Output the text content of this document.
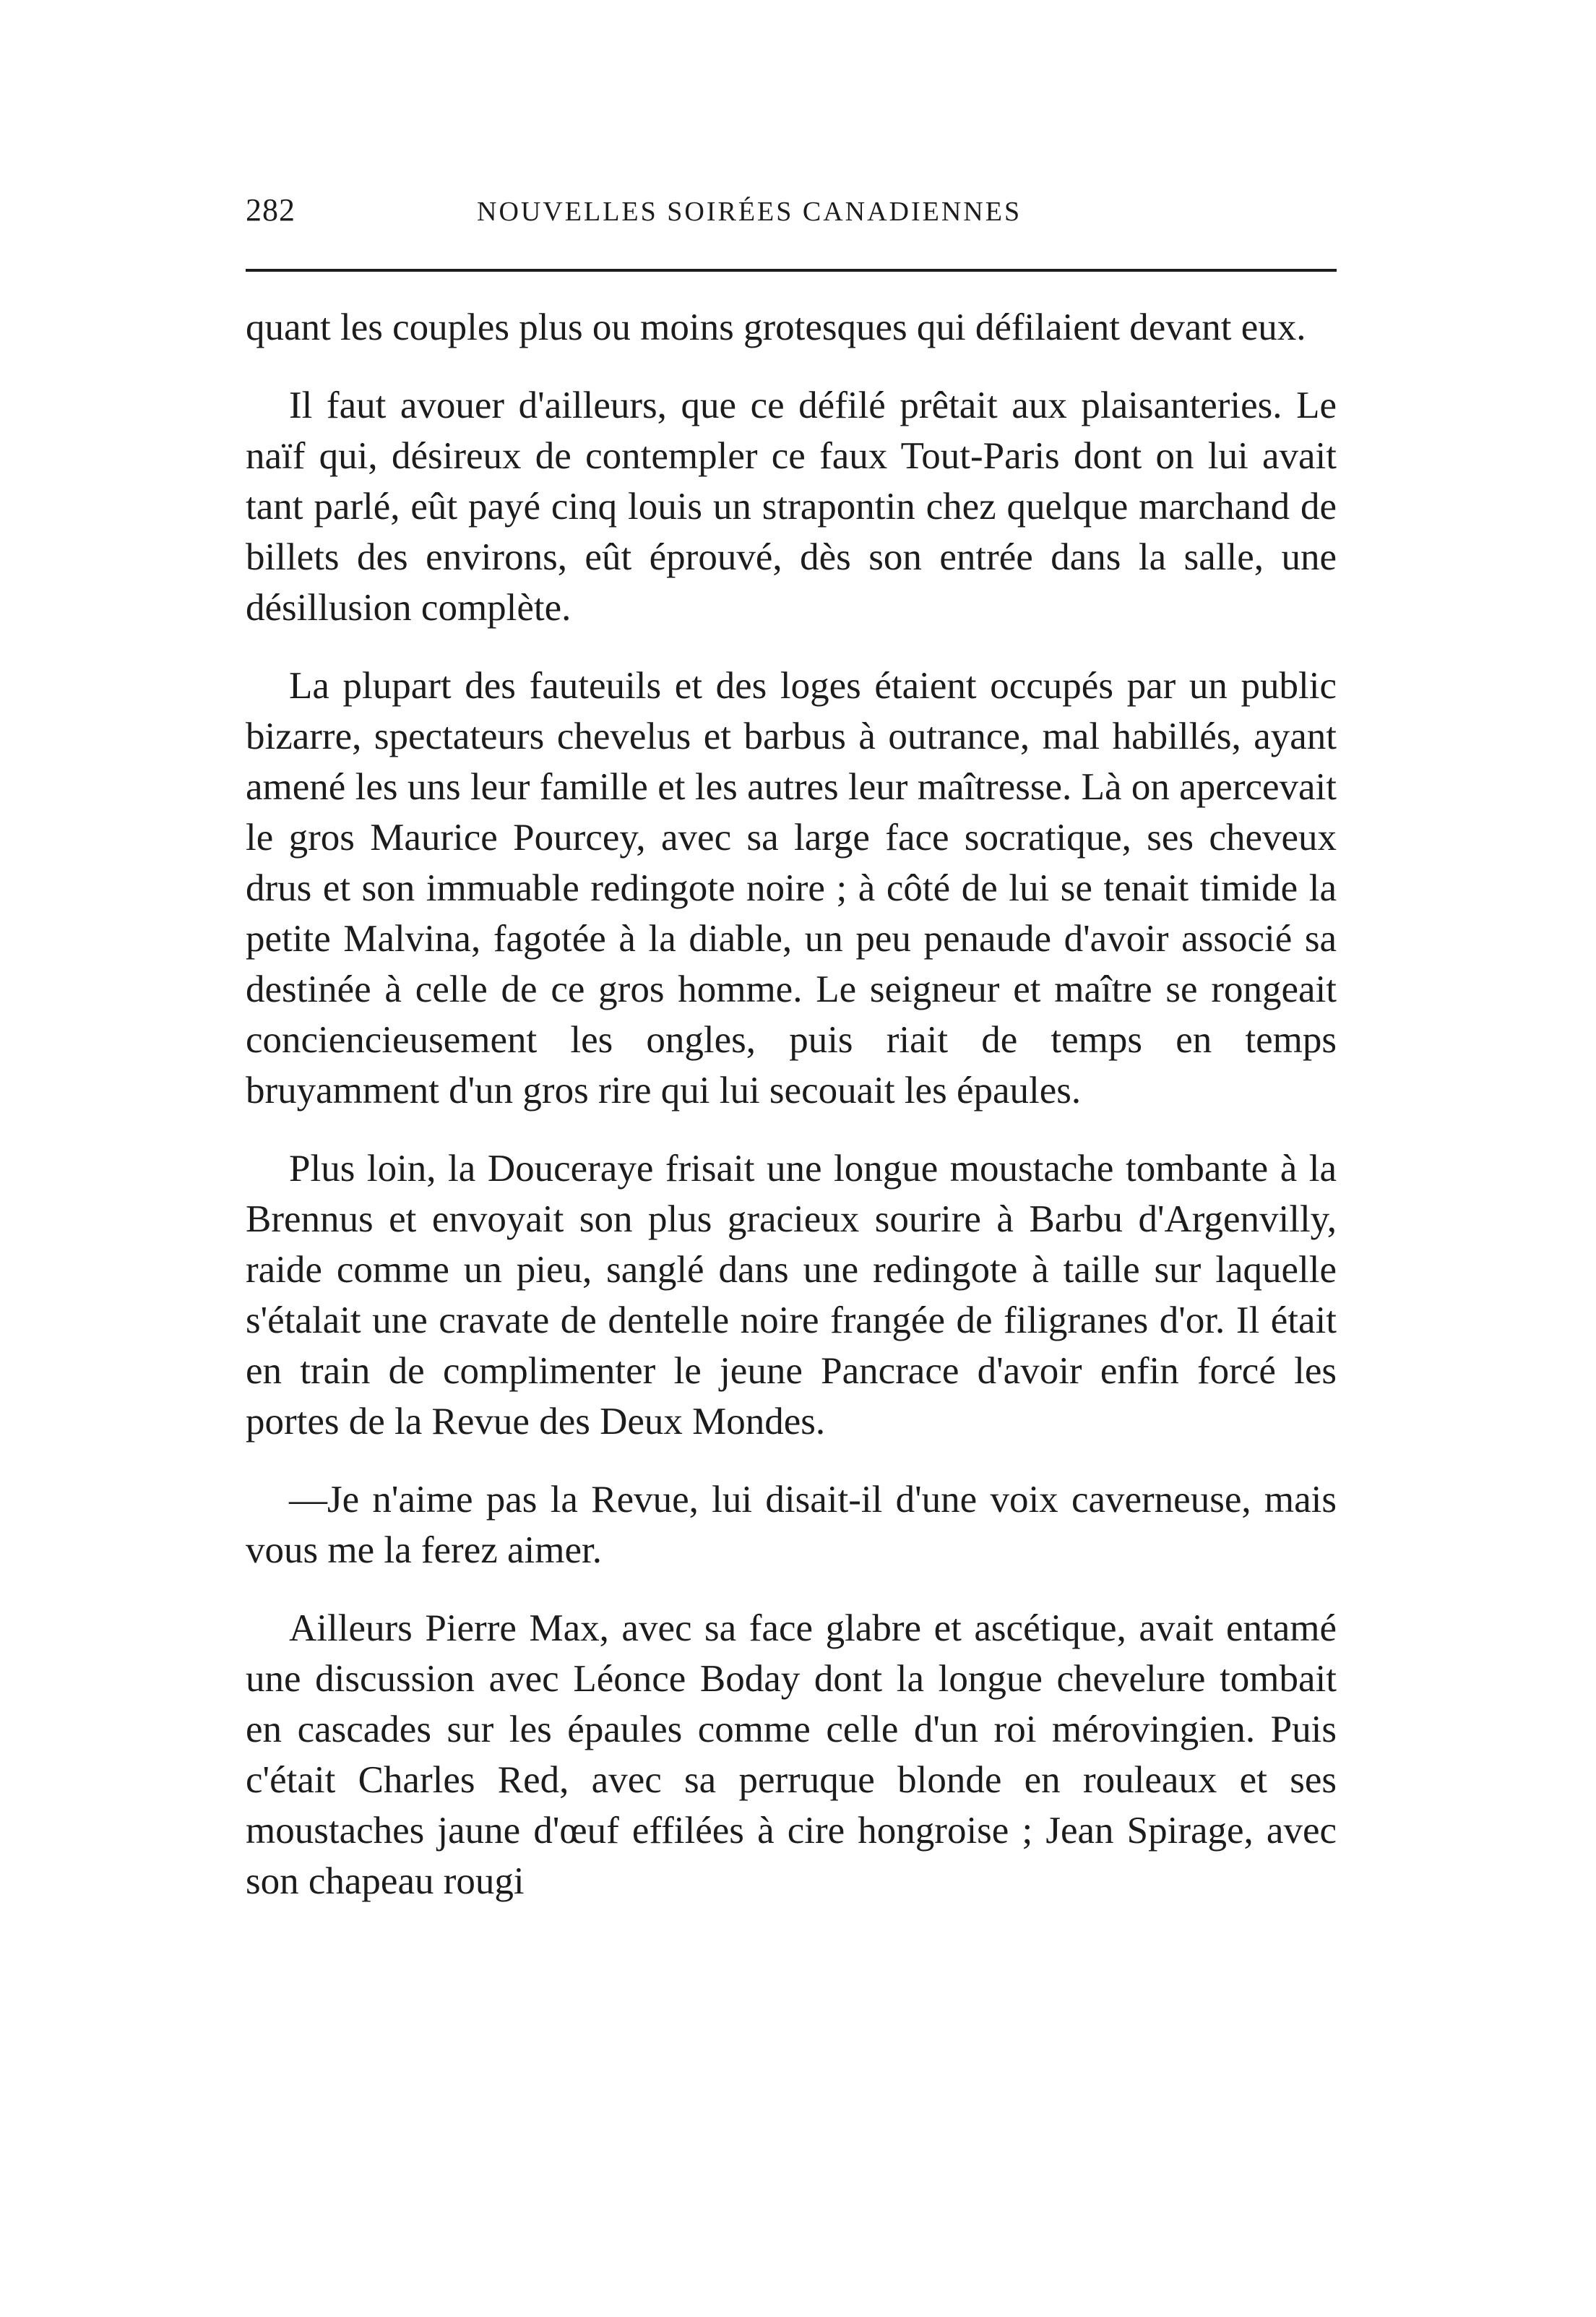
282	NOUVELLES SOIRÉES CANADIENNES

quant les couples plus ou moins grotesques qui défilaient devant eux.

Il faut avouer d'ailleurs, que ce défilé prêtait aux plaisanteries. Le naïf qui, désireux de contempler ce faux Tout-Paris dont on lui avait tant parlé, eût payé cinq louis un strapontin chez quelque marchand de billets des environs, eût éprouvé, dès son entrée dans la salle, une désillusion complète.

La plupart des fauteuils et des loges étaient occupés par un public bizarre, spectateurs chevelus et barbus à outrance, mal habillés, ayant amené les uns leur famille et les autres leur maîtresse. Là on apercevait le gros Maurice Pourcey, avec sa large face socratique, ses cheveux drus et son immuable redingote noire ; à côté de lui se tenait timide la petite Malvina, fagotée à la diable, un peu penaude d'avoir associé sa destinée à celle de ce gros homme. Le seigneur et maître se rongeait conciencieusement les ongles, puis riait de temps en temps bruyamment d'un gros rire qui lui secouait les épaules.

Plus loin, la Douceraye frisait une longue moustache tombante à la Brennus et envoyait son plus gracieux sourire à Barbu d'Argenvilly, raide comme un pieu, sanglé dans une redingote à taille sur laquelle s'étalait une cravate de dentelle noire frangée de filigranes d'or. Il était en train de complimenter le jeune Pancrace d'avoir enfin forcé les portes de la Revue des Deux Mondes.

—Je n'aime pas la Revue, lui disait-il d'une voix caverneuse, mais vous me la ferez aimer.

Ailleurs Pierre Max, avec sa face glabre et ascétique, avait entamé une discussion avec Léonce Boday dont la longue chevelure tombait en cascades sur les épaules comme celle d'un roi mérovingien. Puis c'était Charles Red, avec sa perruque blonde en rouleaux et ses moustaches jaune d'œuf effilées à cire hongroise ; Jean Spirage, avec son chapeau rougi
